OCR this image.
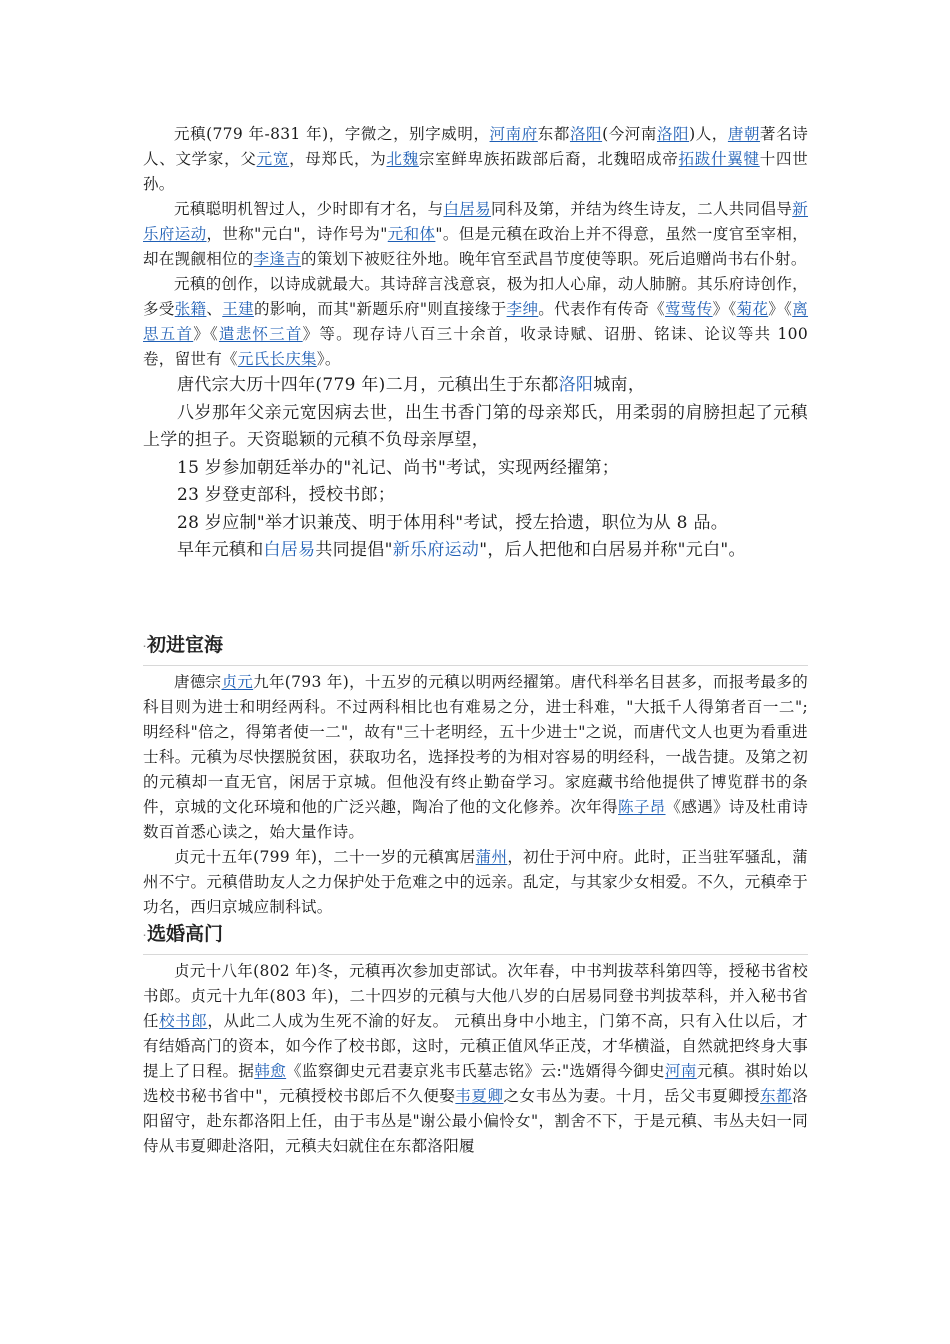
元稹(779 年-831 年)，字微之，别字威明，河南府东都洛阳(今河南洛阳)人，唐朝著名诗人、文学家，父元宽，母郑氏，为北魏宗室鲜卑族拓跋部后裔，北魏昭成帝拓跋什翼犍十四世孙。

元稹聪明机智过人，少时即有才名，与白居易同科及第，并结为终生诗友，二人共同倡导新乐府运动，世称"元白"，诗作号为"元和体"。但是元稹在政治上并不得意，虽然一度官至宰相，却在觊觎相位的李逢吉的策划下被贬往外地。晚年官至武昌节度使等职。死后追赠尚书右仆射。

元稹的创作，以诗成就最大。其诗辞言浅意哀，极为扣人心扉，动人肺腑。其乐府诗创作，多受张籍、王建的影响，而其"新题乐府"则直接缘于李绅。代表作有传奇《莺莺传》《菊花》《离思五首》《遣悲怀三首》等。现存诗八百三十余首，收录诗赋、诏册、铭诔、论议等共 100 卷，留世有《元氏长庆集》。

唐代宗大历十四年(779 年)二月，元稹出生于东都洛阳城南，

八岁那年父亲元宽因病去世，出生书香门第的母亲郑氏，用柔弱的肩膀担起了元稹上学的担子。天资聪颖的元稹不负母亲厚望，

15 岁参加朝廷举办的"礼记、尚书"考试，实现两经擢第；

23 岁登吏部科，授校书郎；

28 岁应制"举才识兼茂、明于体用科"考试，授左拾遗，职位为从 8 品。

早年元稹和白居易共同提倡"新乐府运动"，后人把他和白居易并称"元白"。

.初进宦海

唐德宗贞元九年(793 年)，十五岁的元稹以明两经擢第。唐代科举名目甚多，而报考最多的科目则为进士和明经两科。不过两科相比也有难易之分，进士科难，"大抵千人得第者百一二";明经科"倍之，得第者使一二"，故有"三十老明经，五十少进士"之说，而唐代文人也更为看重进士科。元稹为尽快摆脱贫困，获取功名，选择投考的为相对容易的明经科，一战告捷。及第之初的元稹却一直无官，闲居于京城。但他没有终止勤奋学习。家庭藏书给他提供了博览群书的条件，京城的文化环境和他的广泛兴趣，陶冶了他的文化修养。次年得陈子昂《感遇》诗及杜甫诗数百首悉心读之，始大量作诗。

贞元十五年(799 年)，二十一岁的元稹寓居蒲州，初仕于河中府。此时，正当驻军骚乱，蒲州不宁。元稹借助友人之力保护处于危难之中的远亲。乱定，与其家少女相爱。不久，元稹牵于功名，西归京城应制科试。

.选婚高门

贞元十八年(802 年)冬，元稹再次参加吏部试。次年春，中书判拔萃科第四等，授秘书省校书郎。贞元十九年(803 年)，二十四岁的元稹与大他八岁的白居易同登书判拔萃科，并入秘书省任校书郎，从此二人成为生死不渝的好友。 元稹出身中小地主，门第不高，只有入仕以后，才有结婚高门的资本，如今作了校书郎，这时，元稹正值风华正茂，才华横溢，自然就把终身大事提上了日程。据韩愈《监察御史元君妻京兆韦氏墓志铭》云:"选婿得今御史河南元稹。祺时始以选校书秘书省中"，元稹授校书郎后不久便娶韦夏卿之女韦丛为妻。十月，岳父韦夏卿授东都洛阳留守，赴东都洛阳上任，由于韦丛是"谢公最小偏怜女"，割舍不下，于是元稹、韦丛夫妇一同侍从韦夏卿赴洛阳，元稹夫妇就住在东都洛阳履
